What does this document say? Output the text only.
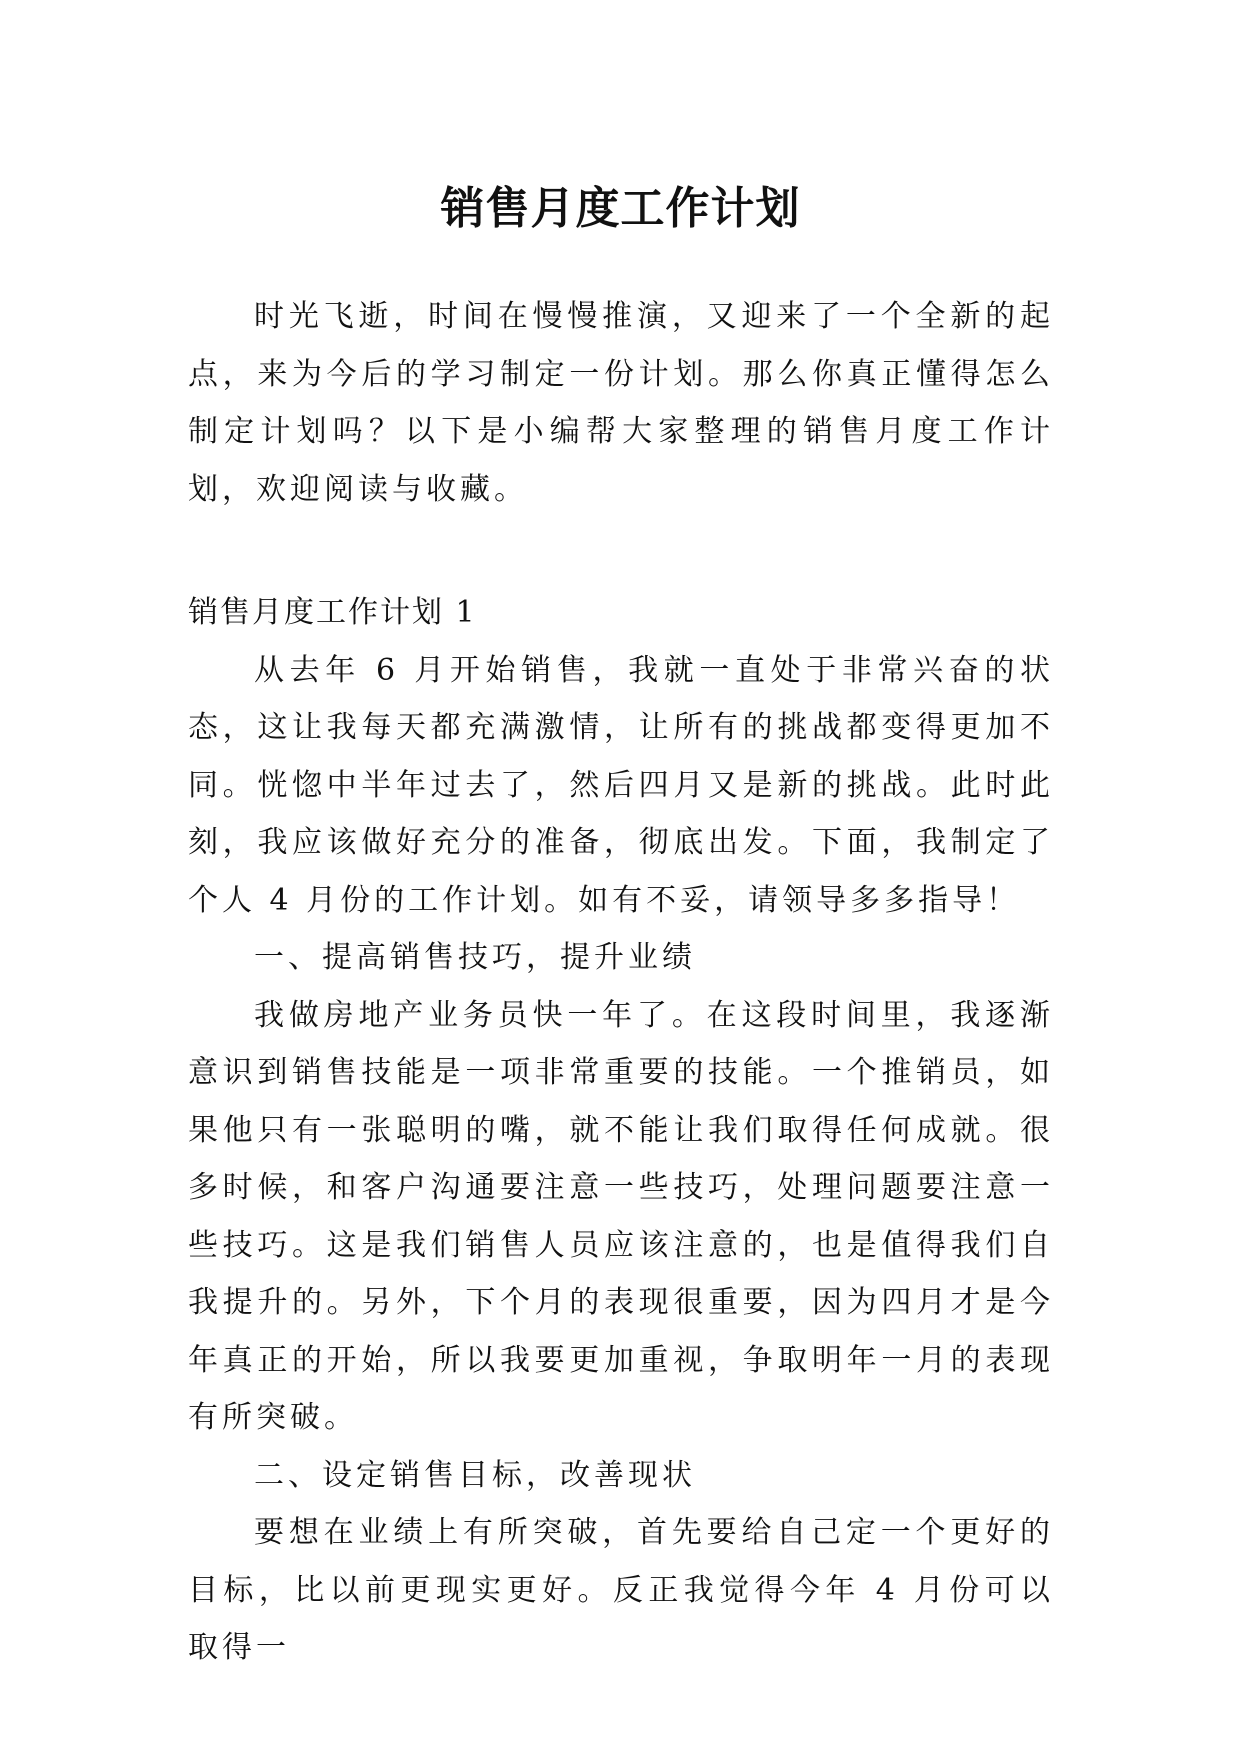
销售月度工作计划

时光飞逝，时间在慢慢推演，又迎来了一个全新的起点，来为今后的学习制定一份计划。那么你真正懂得怎么制定计划吗？以下是小编帮大家整理的销售月度工作计划，欢迎阅读与收藏。

销售月度工作计划 1

从去年 6 月开始销售，我就一直处于非常兴奋的状态，这让我每天都充满激情，让所有的挑战都变得更加不同。恍惚中半年过去了，然后四月又是新的挑战。此时此刻，我应该做好充分的准备，彻底出发。下面，我制定了个人 4 月份的工作计划。如有不妥，请领导多多指导！

一、提高销售技巧，提升业绩

我做房地产业务员快一年了。在这段时间里，我逐渐意识到销售技能是一项非常重要的技能。一个推销员，如果他只有一张聪明的嘴，就不能让我们取得任何成就。很多时候，和客户沟通要注意一些技巧，处理问题要注意一些技巧。这是我们销售人员应该注意的，也是值得我们自我提升的。另外，下个月的表现很重要，因为四月才是今年真正的开始，所以我要更加重视，争取明年一月的表现有所突破。

二、设定销售目标，改善现状

要想在业绩上有所突破，首先要给自己定一个更好的目标，比以前更现实更好。反正我觉得今年 4 月份可以取得一
